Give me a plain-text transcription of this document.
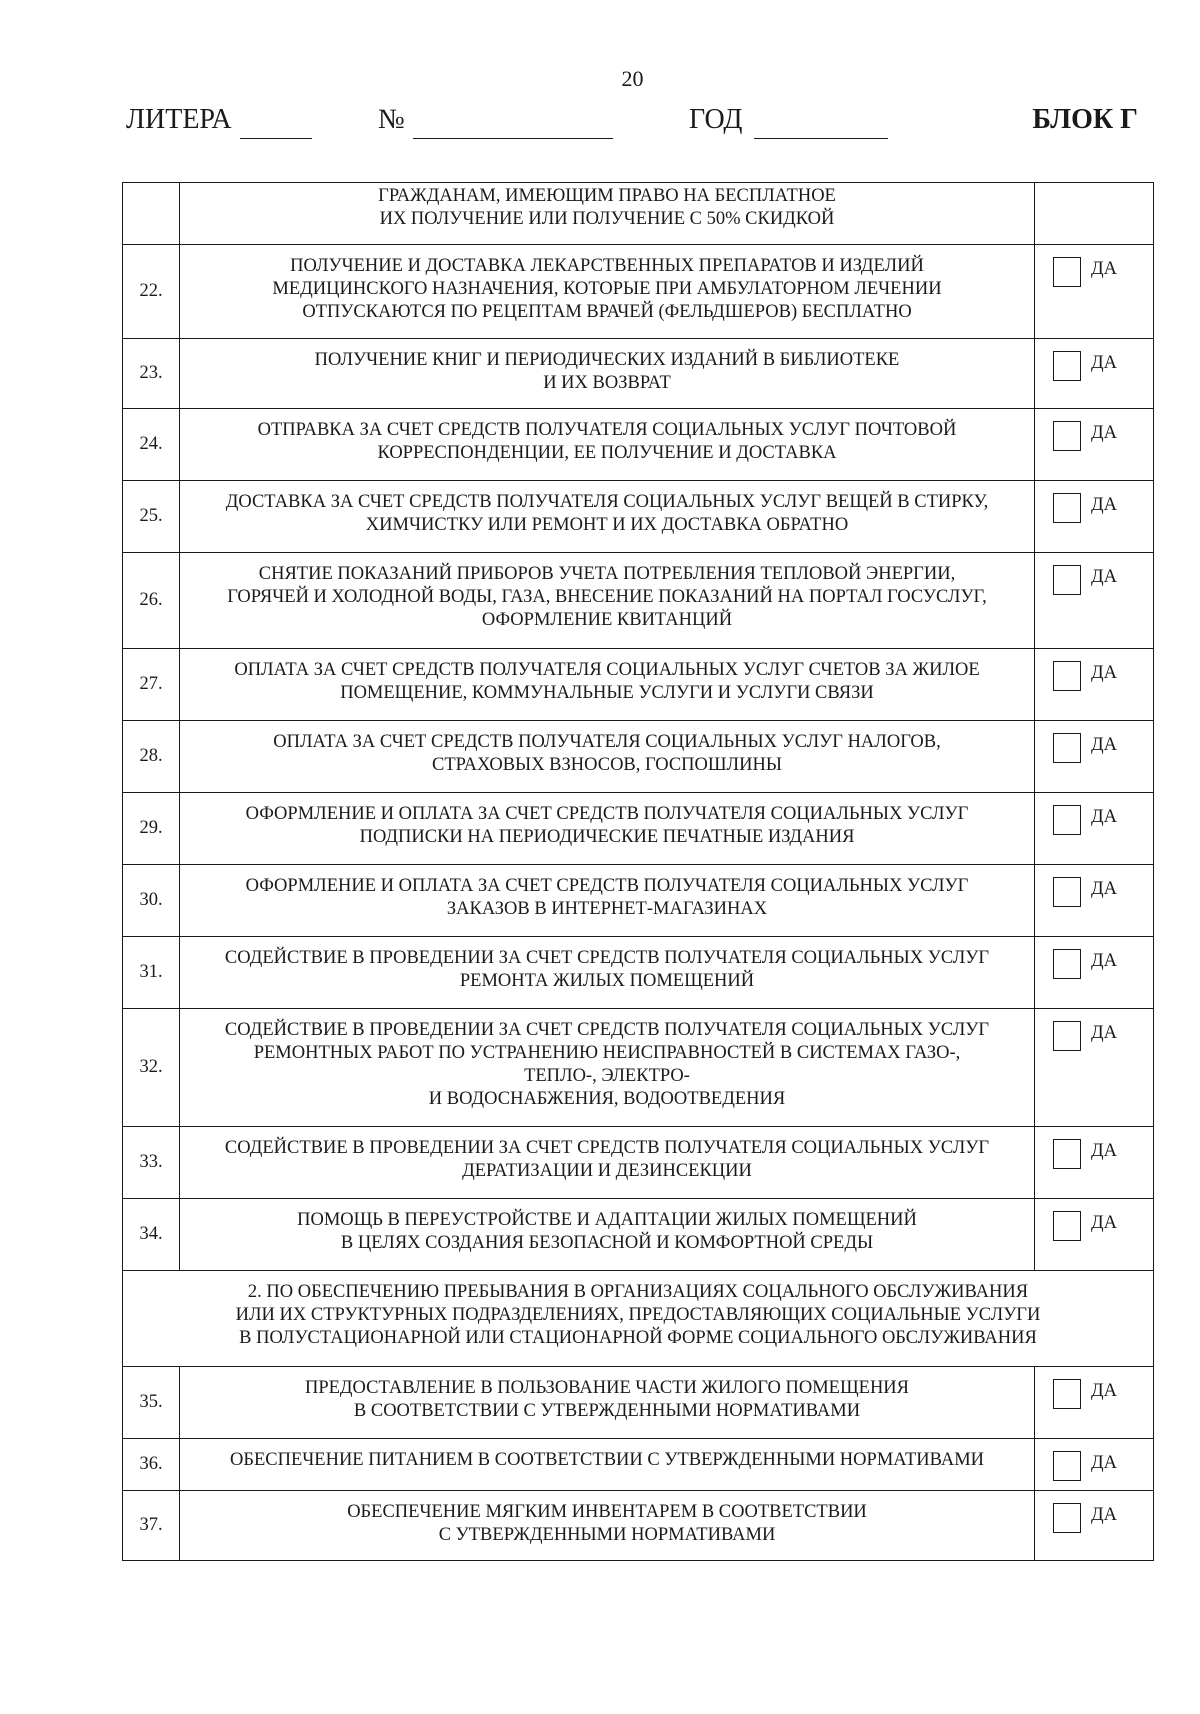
20
ЛИТЕРА	№	ГОД	БЛОК Г
	ГРАЖДАНАМ, ИМЕЮЩИМ ПРАВО НА БЕСПЛАТНОЕ
ИХ ПОЛУЧЕНИЕ ИЛИ ПОЛУЧЕНИЕ С 50% СКИДКОЙ	
22.	ПОЛУЧЕНИЕ И ДОСТАВКА ЛЕКАРСТВЕННЫХ ПРЕПАРАТОВ И ИЗДЕЛИЙ
МЕДИЦИНСКОГО НАЗНАЧЕНИЯ, КОТОРЫЕ ПРИ АМБУЛАТОРНОМ ЛЕЧЕНИИ
ОТПУСКАЮТСЯ ПО РЕЦЕПТАМ ВРАЧЕЙ (ФЕЛЬДШЕРОВ) БЕСПЛАТНО	ДА
23.	ПОЛУЧЕНИЕ КНИГ И ПЕРИОДИЧЕСКИХ ИЗДАНИЙ В БИБЛИОТЕКЕ
И ИХ ВОЗВРАТ	ДА
24.	ОТПРАВКА ЗА СЧЕТ СРЕДСТВ ПОЛУЧАТЕЛЯ СОЦИАЛЬНЫХ УСЛУГ ПОЧТОВОЙ
КОРРЕСПОНДЕНЦИИ, ЕЕ ПОЛУЧЕНИЕ И ДОСТАВКА	ДА
25.	ДОСТАВКА ЗА СЧЕТ СРЕДСТВ ПОЛУЧАТЕЛЯ СОЦИАЛЬНЫХ УСЛУГ ВЕЩЕЙ В СТИРКУ,
ХИМЧИСТКУ ИЛИ РЕМОНТ И ИХ ДОСТАВКА ОБРАТНО	ДА
26.	СНЯТИЕ ПОКАЗАНИЙ ПРИБОРОВ УЧЕТА ПОТРЕБЛЕНИЯ ТЕПЛОВОЙ ЭНЕРГИИ,
ГОРЯЧЕЙ И ХОЛОДНОЙ ВОДЫ, ГАЗА, ВНЕСЕНИЕ ПОКАЗАНИЙ НА ПОРТАЛ ГОСУСЛУГ,
ОФОРМЛЕНИЕ КВИТАНЦИЙ	ДА
27.	ОПЛАТА ЗА СЧЕТ СРЕДСТВ ПОЛУЧАТЕЛЯ СОЦИАЛЬНЫХ УСЛУГ СЧЕТОВ ЗА ЖИЛОЕ
ПОМЕЩЕНИЕ, КОММУНАЛЬНЫЕ УСЛУГИ И УСЛУГИ СВЯЗИ	ДА
28.	ОПЛАТА ЗА СЧЕТ СРЕДСТВ ПОЛУЧАТЕЛЯ СОЦИАЛЬНЫХ УСЛУГ НАЛОГОВ,
СТРАХОВЫХ ВЗНОСОВ, ГОСПОШЛИНЫ	ДА
29.	ОФОРМЛЕНИЕ И ОПЛАТА ЗА СЧЕТ СРЕДСТВ ПОЛУЧАТЕЛЯ СОЦИАЛЬНЫХ УСЛУГ
ПОДПИСКИ НА ПЕРИОДИЧЕСКИЕ ПЕЧАТНЫЕ ИЗДАНИЯ	ДА
30.	ОФОРМЛЕНИЕ И ОПЛАТА ЗА СЧЕТ СРЕДСТВ ПОЛУЧАТЕЛЯ СОЦИАЛЬНЫХ УСЛУГ
ЗАКАЗОВ В ИНТЕРНЕТ-МАГАЗИНАХ	ДА
31.	СОДЕЙСТВИЕ В ПРОВЕДЕНИИ ЗА СЧЕТ СРЕДСТВ ПОЛУЧАТЕЛЯ СОЦИАЛЬНЫХ УСЛУГ
РЕМОНТА ЖИЛЫХ ПОМЕЩЕНИЙ	ДА
32.	СОДЕЙСТВИЕ В ПРОВЕДЕНИИ ЗА СЧЕТ СРЕДСТВ ПОЛУЧАТЕЛЯ СОЦИАЛЬНЫХ УСЛУГ
РЕМОНТНЫХ РАБОТ ПО УСТРАНЕНИЮ НЕИСПРАВНОСТЕЙ В СИСТЕМАХ ГАЗО-,
ТЕПЛО-, ЭЛЕКТРО-
И ВОДОСНАБЖЕНИЯ, ВОДООТВЕДЕНИЯ	ДА
33.	СОДЕЙСТВИЕ В ПРОВЕДЕНИИ ЗА СЧЕТ СРЕДСТВ ПОЛУЧАТЕЛЯ СОЦИАЛЬНЫХ УСЛУГ
ДЕРАТИЗАЦИИ И ДЕЗИНСЕКЦИИ	ДА
34.	ПОМОЩЬ В ПЕРЕУСТРОЙСТВЕ И АДАПТАЦИИ ЖИЛЫХ ПОМЕЩЕНИЙ
В ЦЕЛЯХ СОЗДАНИЯ БЕЗОПАСНОЙ И КОМФОРТНОЙ СРЕДЫ	ДА
2. ПО ОБЕСПЕЧЕНИЮ ПРЕБЫВАНИЯ В ОРГАНИЗАЦИЯХ СОЦАЛЬНОГО ОБСЛУЖИВАНИЯ
ИЛИ ИХ СТРУКТУРНЫХ ПОДРАЗДЕЛЕНИЯХ, ПРЕДОСТАВЛЯЮЩИХ СОЦИАЛЬНЫЕ УСЛУГИ
В ПОЛУСТАЦИОНАРНОЙ ИЛИ СТАЦИОНАРНОЙ ФОРМЕ СОЦИАЛЬНОГО ОБСЛУЖИВАНИЯ		
35.	ПРЕДОСТАВЛЕНИЕ В ПОЛЬЗОВАНИЕ ЧАСТИ ЖИЛОГО ПОМЕЩЕНИЯ
В СООТВЕТСТВИИ С УТВЕРЖДЕННЫМИ НОРМАТИВАМИ	ДА
36.	ОБЕСПЕЧЕНИЕ ПИТАНИЕМ В СООТВЕТСТВИИ С УТВЕРЖДЕННЫМИ НОРМАТИВАМИ	ДА
37.	ОБЕСПЕЧЕНИЕ МЯГКИМ ИНВЕНТАРЕМ В СООТВЕТСТВИИ
С УТВЕРЖДЕННЫМИ НОРМАТИВАМИ	ДА
